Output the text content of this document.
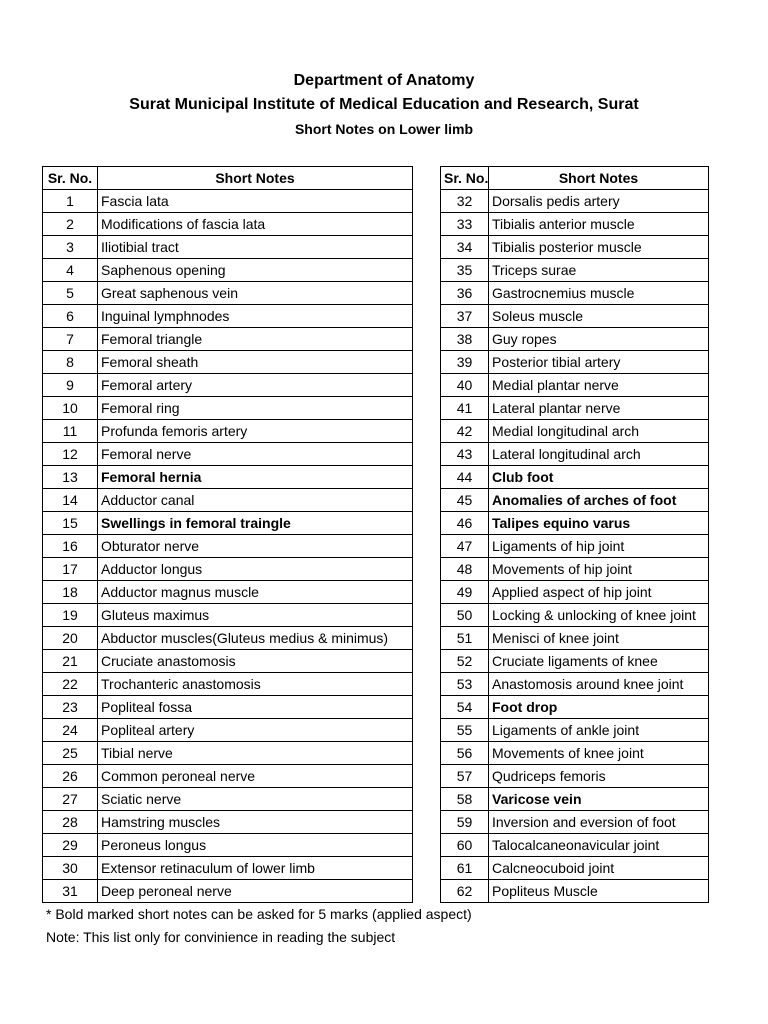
Department of Anatomy

Surat Municipal Institute of Medical Education and Research, Surat

Short Notes on Lower limb

Sr. No.	Short Notes
1	Fascia lata
2	Modifications of fascia lata
3	Iliotibial tract
4	Saphenous opening
5	Great saphenous vein
6	Inguinal lymphnodes
7	Femoral triangle
8	Femoral sheath
9	Femoral artery
10	Femoral ring
11	Profunda femoris artery
12	Femoral nerve
13	Femoral hernia
14	Adductor canal
15	Swellings in femoral traingle
16	Obturator nerve
17	Adductor longus
18	Adductor magnus muscle
19	Gluteus maximus
20	Abductor muscles(Gluteus medius & minimus)
21	Cruciate anastomosis
22	Trochanteric anastomosis
23	Popliteal fossa
24	Popliteal artery
25	Tibial nerve
26	Common peroneal nerve
27	Sciatic nerve
28	Hamstring muscles
29	Peroneus longus
30	Extensor retinaculum of lower limb
31	Deep peroneal nerve
Sr. No.	Short Notes
32	Dorsalis pedis artery
33	Tibialis anterior muscle
34	Tibialis posterior muscle
35	Triceps surae
36	Gastrocnemius muscle
37	Soleus muscle
38	Guy ropes
39	Posterior tibial artery
40	Medial plantar nerve
41	Lateral plantar nerve
42	Medial longitudinal arch
43	Lateral longitudinal arch
44	Club foot
45	Anomalies of arches of foot
46	Talipes equino varus
47	Ligaments of hip joint
48	Movements of hip joint
49	Applied aspect of hip joint
50	Locking & unlocking of knee joint
51	Menisci of knee joint
52	Cruciate ligaments of knee
53	Anastomosis around knee joint
54	Foot drop
55	Ligaments of ankle joint
56	Movements of knee joint
57	Qudriceps femoris
58	Varicose vein
59	Inversion and eversion of foot
60	Talocalcaneonavicular joint
61	Calcneocuboid joint
62	Popliteus Muscle
* Bold marked short notes can be asked for 5 marks (applied aspect)
Note: This list only for convinience in reading the subject
